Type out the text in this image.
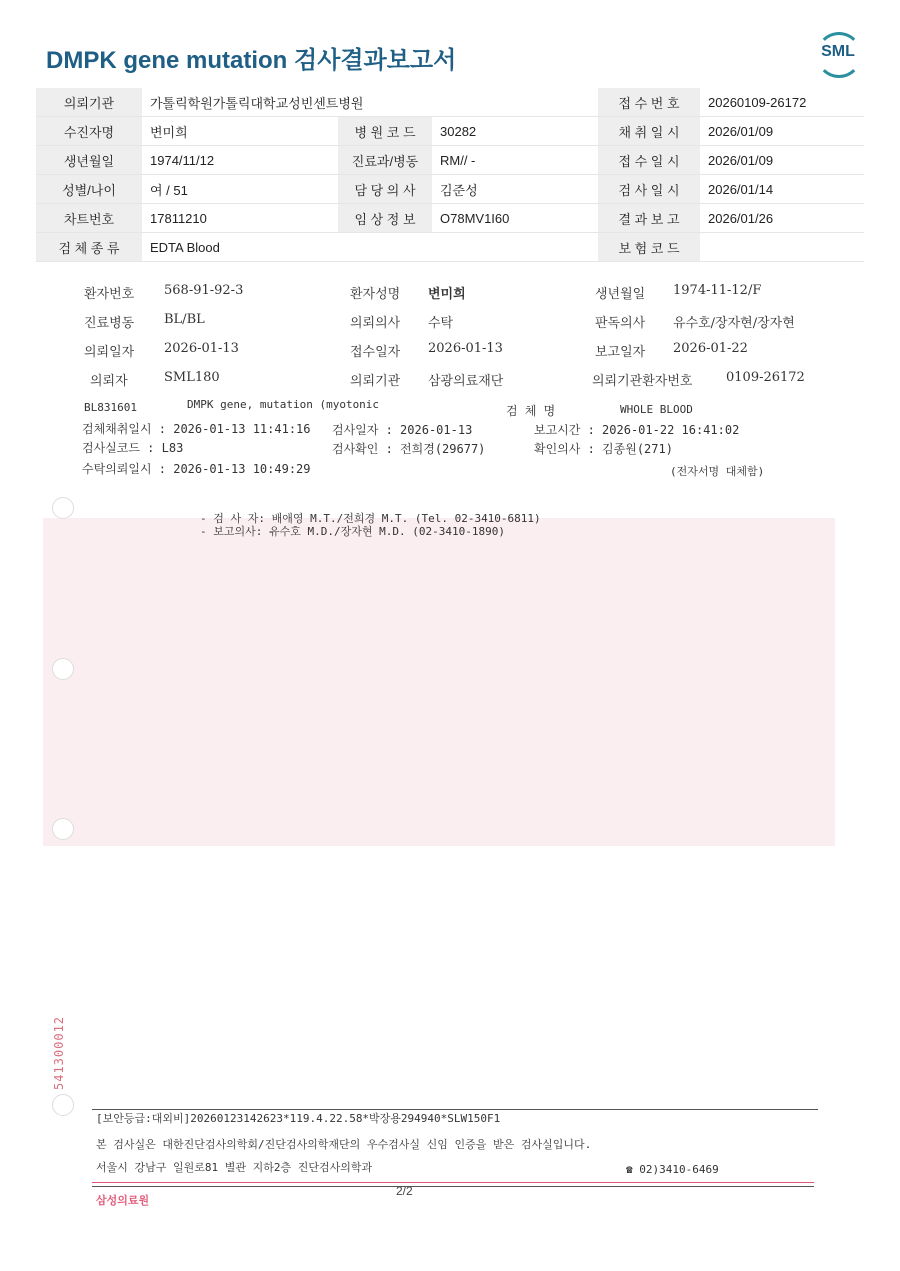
DMPK gene mutation 검사결과보고서	SML
의뢰기관	가톨릭학원가톨릭대학교성빈센트병원			접 수 번 호	20260109-26172
수진자명	변미희	병 원 코 드	30282	채 취 일 시	2026/01/09
생년월일	1974/11/12	진료과/병동	RM// -	접 수 일 시	2026/01/09
성별/나이	여 / 51	담 당 의 사	김준성	검 사 일 시	2026/01/14
차트번호	17811210	임 상 정 보	O78MV1I60	결 과 보 고	2026/01/26
검 체 종 류	EDTA Blood			보 험 코 드	
환자번호 568-91-92-3	환자성명 변미희	생년월일 1974-11-12/F
진료병동 BL/BL	의뢰의사 수탁	판독의사 유수호/장자현/장자현
의뢰일자 2026-01-13	접수일자 2026-01-13	보고일자 2026-01-22
의뢰자	SML180	의뢰기관 삼광의료재단	의뢰기관환자번호	0109-26172
BL831601	DMPK gene, mutation (myotonic	검 체 명	WHOLE BLOOD
검체채취일시 : 2026-01-13 11:41:16 검사일자 : 2026-01-13	보고시간 : 2026-01-22 16:41:02
검사실코드 : L83	검사확인 : 전희경(29677)	확인의사 : 김종원(271)
수탁의뢰일시 : 2026-01-13 10:49:29	(전자서명 대체함)
- 검 사 자: 배애영 M.T./전희경 M.T. (Tel. 02-3410-6811)
- 보고의사: 유수호 M.D./장자현 M.D. (02-3410-1890)
541300012
[보안등급:대외비]20260123142623*119.4.22.58*박장용294940*SLW150F1
본 검사실은 대한진단검사의학회/진단검사의학재단의 우수검사실 신임 인증을 받은 검사실입니다.
서울시 강남구 일원로81 별관 지하2층 진단검사의학과	☎ 02)3410-6469
삼성의료원
2/2
